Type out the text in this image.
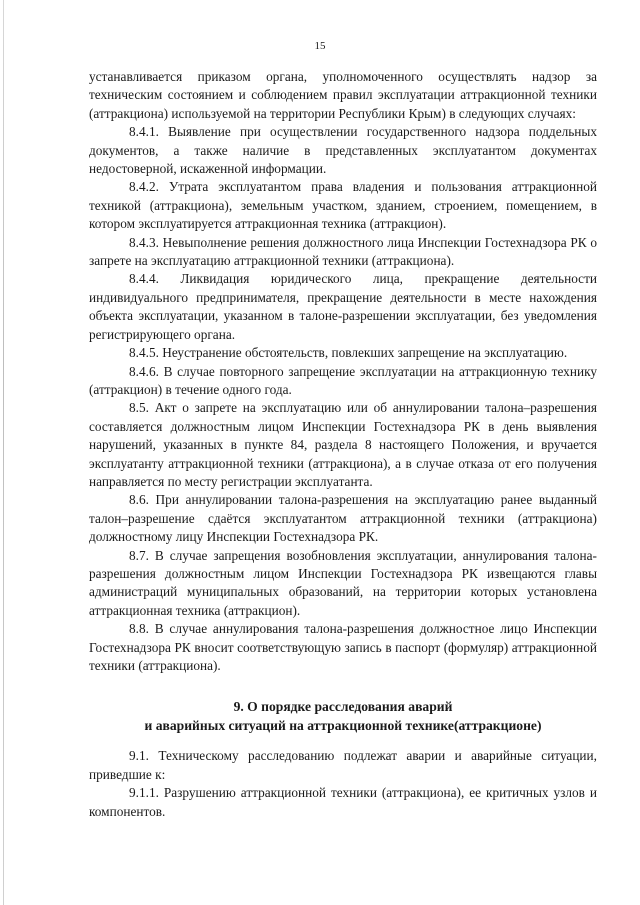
15

устанавливается приказом органа, уполномоченного осуществлять надзор за техническим состоянием и соблюдением правил эксплуатации аттракционной техники (аттракциона) используемой на территории Республики Крым) в следующих случаях:

8.4.1. Выявление при осуществлении государственного надзора поддельных документов, а также наличие в представленных эксплуатантом документах недостоверной, искаженной информации.

8.4.2. Утрата эксплуатантом права владения и пользования аттракционной техникой (аттракциона), земельным участком, зданием, строением, помещением, в котором эксплуатируется аттракционная техника (аттракцион).

8.4.3. Невыполнение решения должностного лица Инспекции Гостехнадзора РК о запрете на эксплуатацию аттракционной техники (аттракциона).

8.4.4. Ликвидация юридического лица, прекращение деятельности индивидуального предпринимателя, прекращение деятельности в месте нахождения объекта эксплуатации, указанном в талоне-разрешении эксплуатации, без уведомления регистрирующего органа.

8.4.5. Неустранение обстоятельств, повлекших запрещение на эксплуатацию.

8.4.6. В случае повторного запрещение эксплуатации на аттракционную технику (аттракцион) в течение одного года.

8.5. Акт о запрете на эксплуатацию или об аннулировании талона–разрешения составляется должностным лицом Инспекции Гостехнадзора РК в день выявления нарушений, указанных в пункте 84, раздела 8 настоящего Положения, и вручается эксплуатанту аттракционной техники (аттракциона), а в случае отказа от его получения направляется по месту регистрации эксплуатанта.

8.6. При аннулировании талона-разрешения на эксплуатацию ранее выданный талон–разрешение сдаётся эксплуатантом аттракционной техники (аттракциона) должностному лицу Инспекции Гостехнадзора РК.

8.7. В случае запрещения возобновления эксплуатации, аннулирования талона-разрешения должностным лицом Инспекции Гостехнадзора РК извещаются главы администраций муниципальных образований, на территории которых установлена аттракционная техника (аттракцион).

8.8. В случае аннулирования талона-разрешения должностное лицо Инспекции Гостехнадзора РК вносит соответствующую запись в паспорт (формуляр) аттракционной техники (аттракциона).

9. О порядке расследования аварий
и аварийных ситуаций на аттракционной технике(аттракционе)

9.1. Техническому расследованию подлежат аварии и аварийные ситуации, приведшие к:

9.1.1. Разрушению аттракционной техники (аттракциона), ее критичных узлов и компонентов.
